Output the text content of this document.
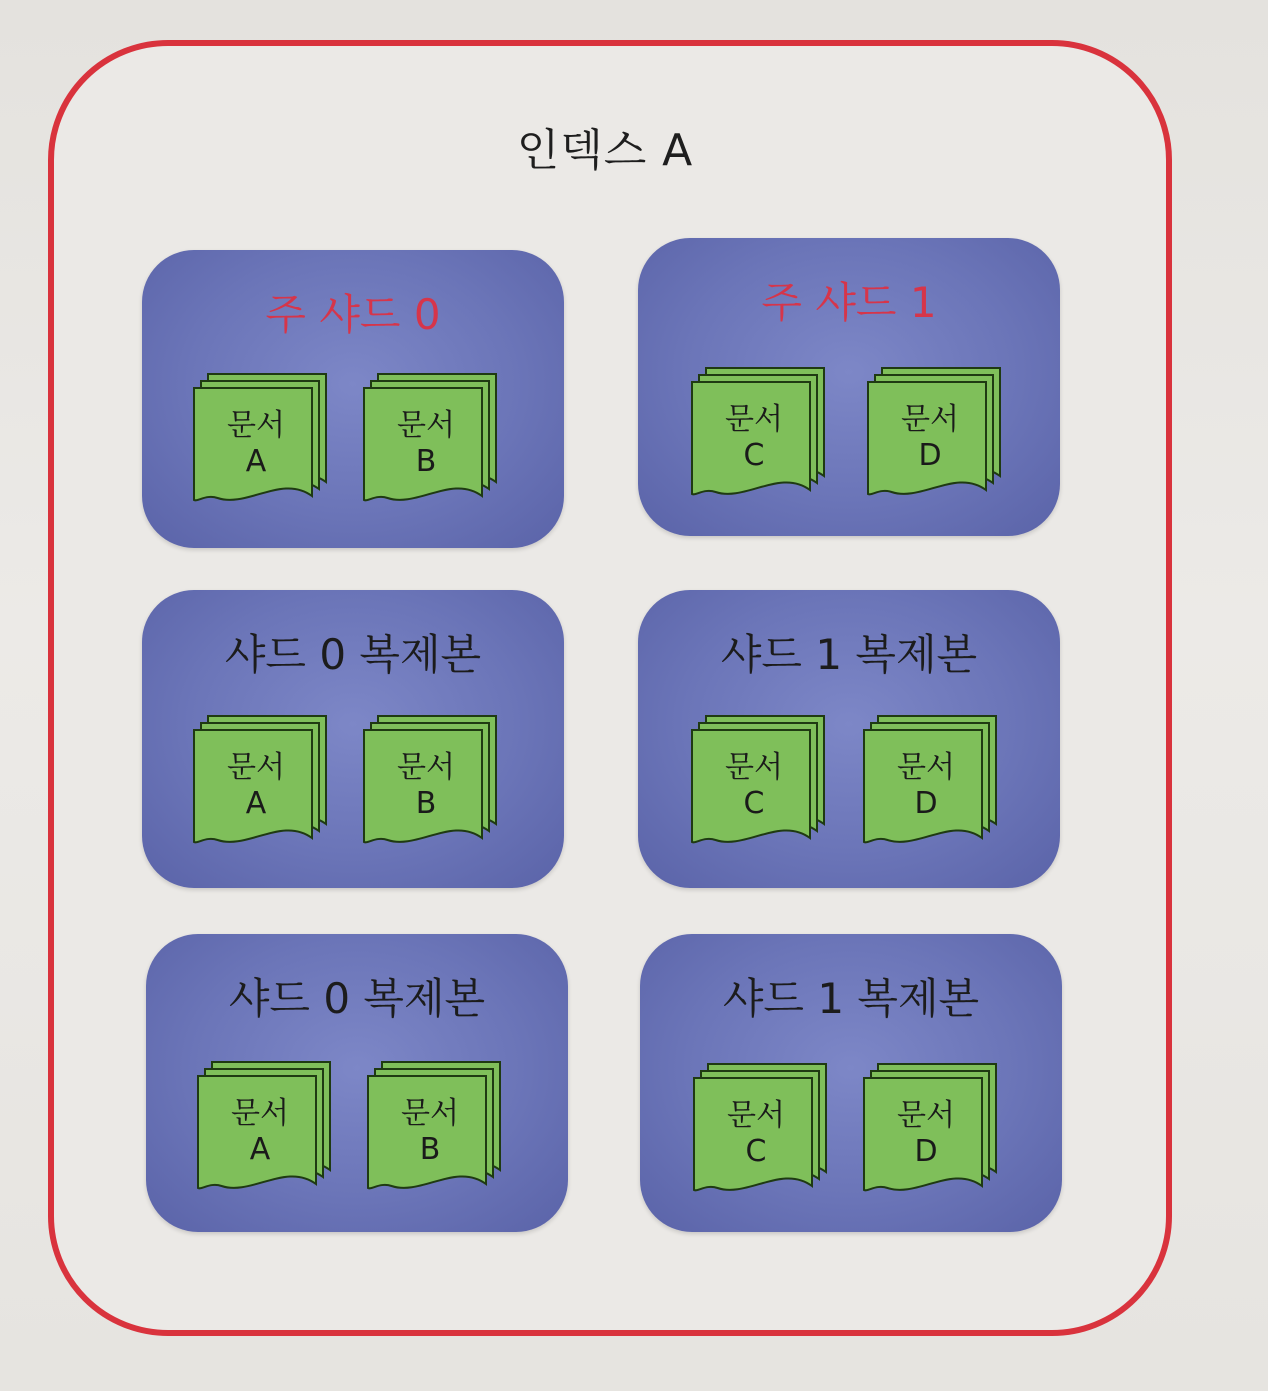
인덱스 A
주 샤드 0
문서
A
문서
B
주 샤드 1
문서
C
문서
D
샤드 0 복제본
문서
A
문서
B
샤드 1 복제본
문서
C
문서
D
샤드 0 복제본
문서
A
문서
B
샤드 1 복제본
문서
C
문서
D
